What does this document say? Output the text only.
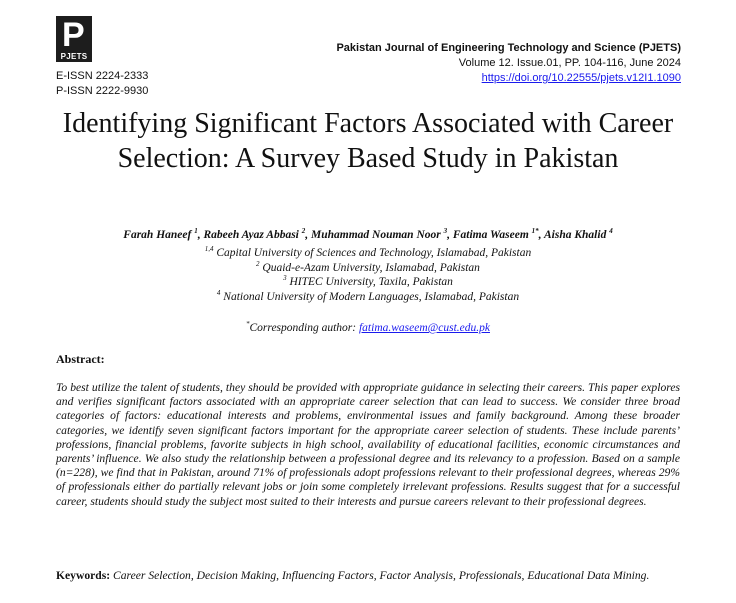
P
PJETS
E-ISSN 2224-2333
P-ISSN 2222-9930
Pakistan Journal of Engineering Technology and Science (PJETS)
Volume 12. Issue.01, PP. 104-116, June 2024
https://doi.org/10.22555/pjets.v12I1.1090
Identifying Significant Factors Associated with Career Selection: A Survey Based Study in Pakistan
Farah Haneef $^1$, Rabeeh Ayaz Abbasi $^2$, Muhammad Nouman Noor $^3$, Fatima Waseem $^{1*}$, Aisha Khalid $^4$
$^{1,4}$ Capital University of Sciences and Technology, Islamabad, Pakistan
$^2$ Quaid-e-Azam University, Islamabad, Pakistan
$^3$ HITEC University, Taxila, Pakistan
$^4$ National University of Modern Languages, Islamabad, Pakistan
*Corresponding author: fatima.waseem@cust.edu.pk
Abstract:
To best utilize the talent of students, they should be provided with appropriate guidance in selecting their careers. This paper explores and verifies significant factors associated with an appropriate career selection that can lead to success. We consider three broad categories of factors: educational interests and problems, environmental issues and family background. Among these broader categories, we identify seven significant factors important for the appropriate career selection of students. These include parents’ professions, financial problems, favorite subjects in high school, availability of educational facilities, economic circumstances and parents’ influence. We also study the relationship between a professional degree and its relevancy to a profession. Based on a sample (n=228), we find that in Pakistan, around 71% of professionals adopt professions relevant to their professional degrees, whereas 29% of professionals either do partially relevant jobs or join some completely irrelevant professions. Results suggest that for a successful career, students should study the subject most suited to their interests and pursue careers relevant to their professional degrees.
Keywords: Career Selection, Decision Making, Influencing Factors, Factor Analysis, Professionals, Educational Data Mining.
